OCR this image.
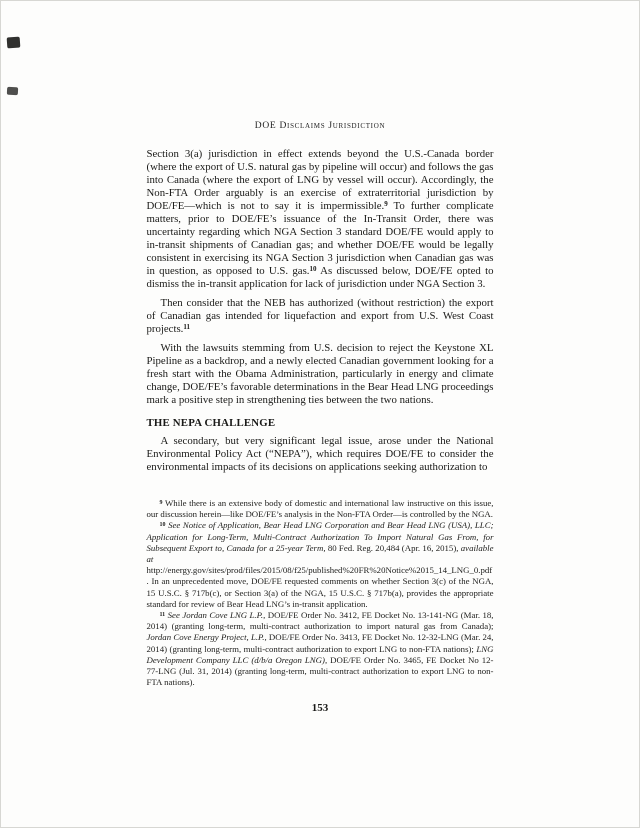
DOE Disclaims Jurisdiction

Section 3(a) jurisdiction in effect extends beyond the U.S.-Canada border (where the export of U.S. natural gas by pipeline will occur) and follows the gas into Canada (where the export of LNG by vessel will occur). Accordingly, the Non-FTA Order arguably is an exercise of extraterritorial jurisdiction by DOE/FE—which is not to say it is impermissible.$^9$ To further complicate matters, prior to DOE/FE’s issuance of the In-Transit Order, there was uncertainty regarding which NGA Section 3 standard DOE/FE would apply to in-transit shipments of Canadian gas; and whether DOE/FE would be legally consistent in exercising its NGA Section 3 jurisdiction when Canadian gas was in question, as opposed to U.S. gas.$^{10}$ As discussed below, DOE/FE opted to dismiss the in-transit application for lack of jurisdiction under NGA Section 3.

Then consider that the NEB has authorized (without restriction) the export of Canadian gas intended for liquefaction and export from U.S. West Coast projects.$^{11}$

With the lawsuits stemming from U.S. decision to reject the Keystone XL Pipeline as a backdrop, and a newly elected Canadian government looking for a fresh start with the Obama Administration, particularly in energy and climate change, DOE/FE’s favorable determinations in the Bear Head LNG proceedings mark a positive step in strengthening ties between the two nations.

THE NEPA CHALLENGE

A secondary, but very significant legal issue, arose under the National Environmental Policy Act (“NEPA”), which requires DOE/FE to consider the environmental impacts of its decisions on applications seeking authorization to

$^9$ While there is an extensive body of domestic and international law instructive on this issue, our discussion herein—like DOE/FE’s analysis in the Non-FTA Order—is controlled by the NGA.

$^{10}$ See Notice of Application, Bear Head LNG Corporation and Bear Head LNG (USA), LLC; Application for Long-Term, Multi-Contract Authorization To Import Natural Gas From, for Subsequent Export to, Canada for a 25-year Term, 80 Fed. Reg. 20,484 (Apr. 16, 2015), available at http://energy.gov/sites/prod/files/2015/08/f25/published%20FR%20Notice%2015_14_LNG_0.pdf. In an unprecedented move, DOE/FE requested comments on whether Section 3(c) of the NGA, 15 U.S.C. § 717b(c), or Section 3(a) of the NGA, 15 U.S.C. § 717b(a), provides the appropriate standard for review of Bear Head LNG’s in-transit application.

$^{11}$ See Jordan Cove LNG L.P., DOE/FE Order No. 3412, FE Docket No. 13-141-NG (Mar. 18, 2014) (granting long-term, multi-contract authorization to import natural gas from Canada); Jordan Cove Energy Project, L.P., DOE/FE Order No. 3413, FE Docket No. 12-32-LNG (Mar. 24, 2014) (granting long-term, multi-contract authorization to export LNG to non-FTA nations); LNG Development Company LLC (d/b/a Oregon LNG), DOE/FE Order No. 3465, FE Docket No 12-77-LNG (Jul. 31, 2014) (granting long-term, multi-contract authorization to export LNG to non-FTA nations).

153
